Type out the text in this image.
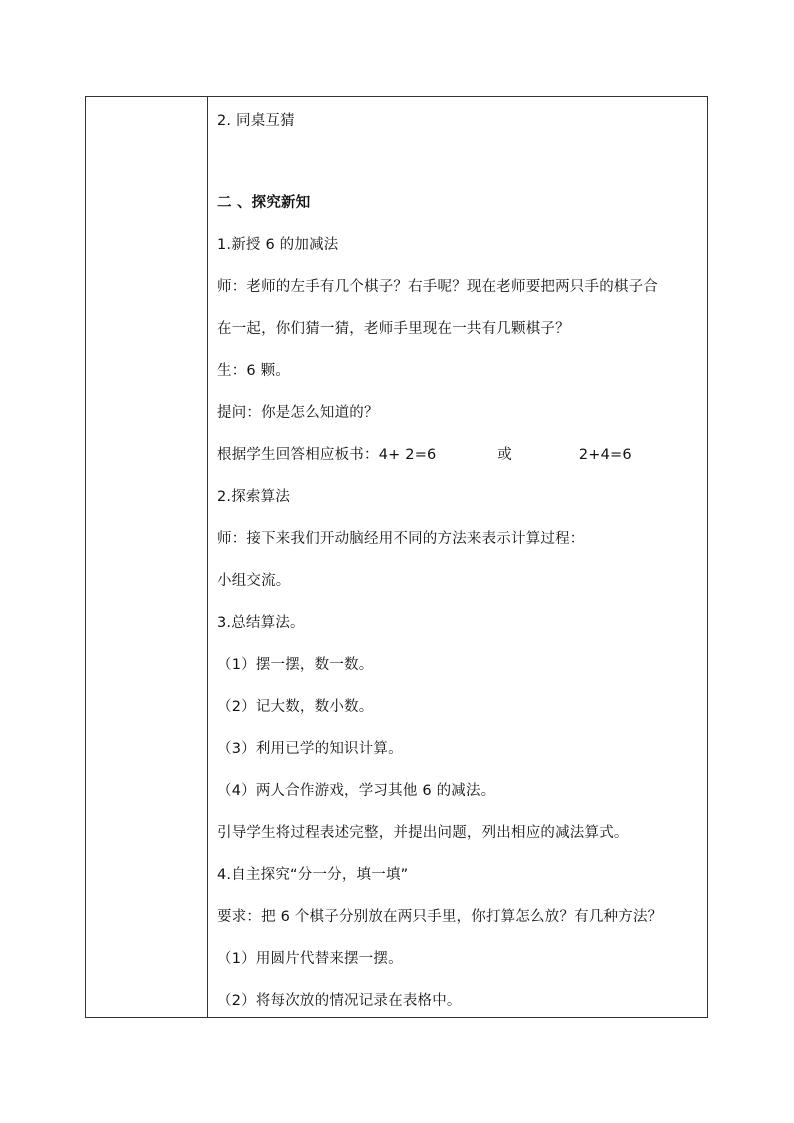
2. 同桌互猜
二 、探究新知
1.新授 6 的加减法
师：老师的左手有几个棋子？右手呢？现在老师要把两只手的棋子合
在一起，你们猜一猜，老师手里现在一共有几颗棋子？
生：6 颗。
提问：你是怎么知道的？
根据学生回答相应板书：4+ 2=6	或	2+4=6
2.探索算法
师：接下来我们开动脑经用不同的方法来表示计算过程：
小组交流。
3.总结算法。
（1）摆一摆，数一数。
（2）记大数，数小数。
（3）利用已学的知识计算。
（4）两人合作游戏，学习其他 6 的减法。
引导学生将过程表述完整，并提出问题，列出相应的减法算式。
4.自主探究“分一分，填一填”
要求：把 6 个棋子分别放在两只手里，你打算怎么放？有几种方法？
（1）用圆片代替来摆一摆。
（2）将每次放的情况记录在表格中。
